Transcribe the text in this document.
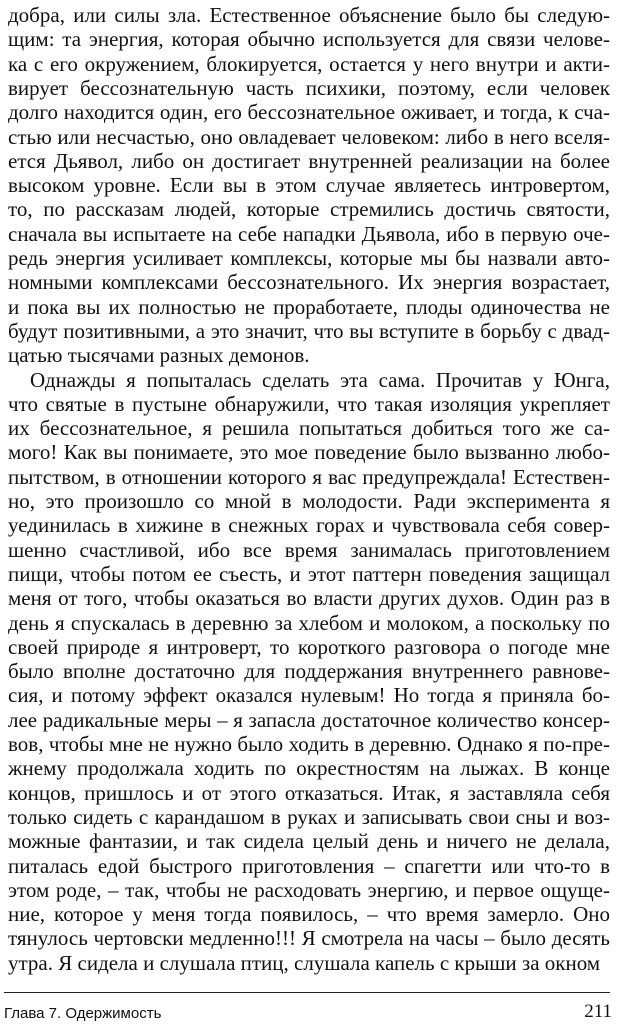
добра, или силы зла. Естественное объяснение было бы следую-
щим: та энергия, которая обычно используется для связи челове-
ка с его окружением, блокируется, остается у него внутри и акти-
вирует бессознательную часть психики, поэтому, если человек
долго находится один, его бессознательное оживает, и тогда, к сча-
стью или несчастью, оно овладевает человеком: либо в него вселя-
ется Дьявол, либо он достигает внутренней реализации на более
высоком уровне. Если вы в этом случае являетесь интровертом,
то, по рассказам людей, которые стремились достичь святости,
сначала вы испытаете на себе нападки Дьявола, ибо в первую оче-
редь энергия усиливает комплексы, которые мы бы назвали авто-
номными комплексами бессознательного. Их энергия возрастает,
и пока вы их полностью не проработаете, плоды одиночества не
будут позитивными, а это значит, что вы вступите в борьбу с двад-
цатью тысячами разных демонов.
Однажды я попыталась сделать эта сама. Прочитав у Юнга,
что святые в пустыне обнаружили, что такая изоляция укрепляет
их бессознательное, я решила попытаться добиться того же са-
мого! Как вы понимаете, это мое поведение было вызванно любо-
пытством, в отношении которого я вас предупреждала! Естествен-
но, это произошло со мной в молодости. Ради эксперимента я
уединилась в хижине в снежных горах и чувствовала себя совер-
шенно счастливой, ибо все время занималась приготовлением
пищи, чтобы потом ее съесть, и этот паттерн поведения защищал
меня от того, чтобы оказаться во власти других духов. Один раз в
день я спускалась в деревню за хлебом и молоком, а поскольку по
своей природе я интроверт, то короткого разговора о погоде мне
было вполне достаточно для поддержания внутреннего равнове-
сия, и потому эффект оказался нулевым! Но тогда я приняла бо-
лее радикальные меры – я запасла достаточное количество консер-
вов, чтобы мне не нужно было ходить в деревню. Однако я по-пре-
жнему продолжала ходить по окрестностям на лыжах. В конце
концов, пришлось и от этого отказаться. Итак, я заставляла себя
только сидеть с карандашом в руках и записывать свои сны и воз-
можные фантазии, и так сидела целый день и ничего не делала,
питалась едой быстрого приготовления – спагетти или что-то в
этом роде, – так, чтобы не расходовать энергию, и первое ощуще-
ние, которое у меня тогда появилось, – что время замерло. Оно
тянулось чертовски медленно!!! Я смотрела на часы – было десять
утра. Я сидела и слушала птиц, слушала капель с крыши за окном
Глава 7. Одержимость	211
